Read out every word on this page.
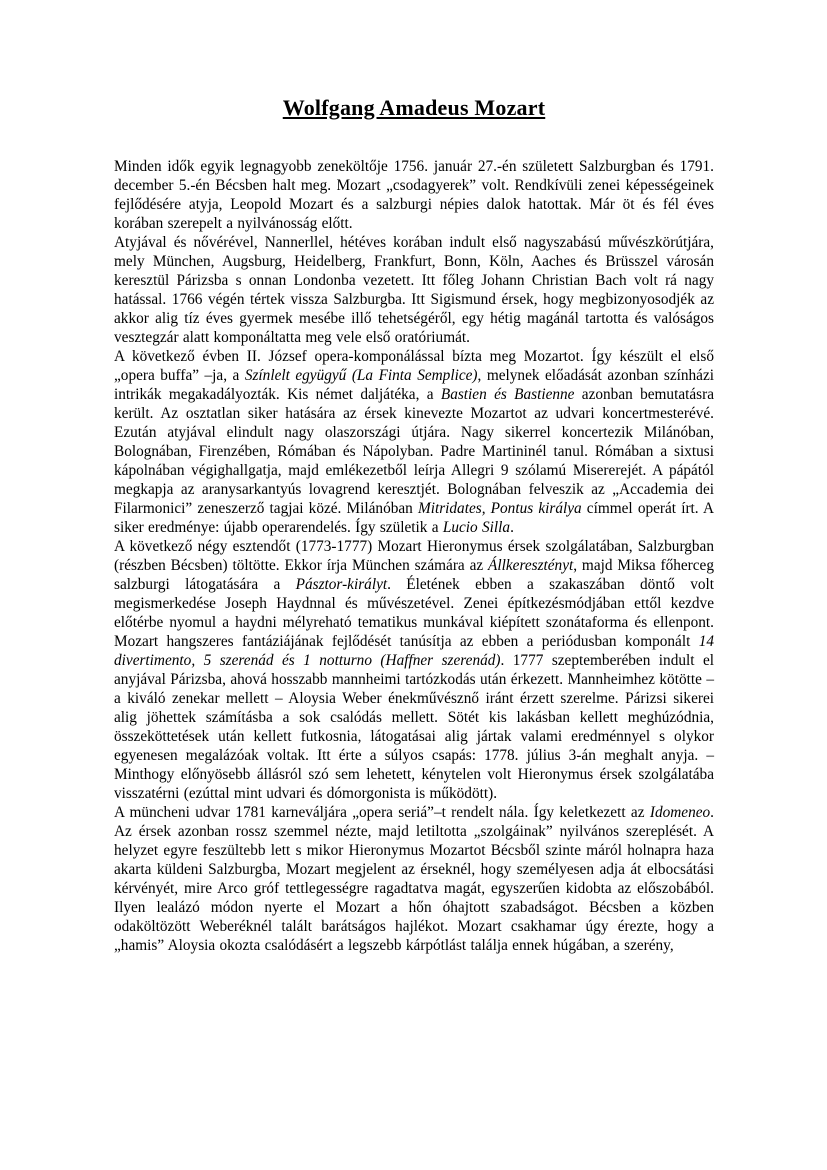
Wolfgang Amadeus Mozart

Minden idők egyik legnagyobb zeneköltője 1756. január 27.-én született Salzburgban és 1791. december 5.-én Bécsben halt meg. Mozart „csodagyerek” volt. Rendkívüli zenei képességeinek fejlődésére atyja, Leopold Mozart és a salzburgi népies dalok hatottak. Már öt és fél éves korában szerepelt a nyilvánosság előtt.

Atyjával és nővérével, Nannerllel, hétéves korában indult első nagyszabású művészkörútjára, mely München, Augsburg, Heidelberg, Frankfurt, Bonn, Köln, Aaches és Brüsszel városán keresztül Párizsba s onnan Londonba vezetett. Itt főleg Johann Christian Bach volt rá nagy hatással. 1766 végén tértek vissza Salzburgba. Itt Sigismund érsek, hogy megbizonyosodjék az akkor alig tíz éves gyermek mesébe illő tehetségéről, egy hétig magánál tartotta és valóságos vesztegzár alatt komponáltatta meg vele első oratóriumát.

A következő évben II. József opera-komponálással bízta meg Mozartot. Így készült el első „opera buffa” –ja, a Színlelt együgyű (La Finta Semplice), melynek előadását azonban színházi intrikák megakadályozták. Kis német daljátéka, a Bastien és Bastienne azonban bemutatásra került. Az osztatlan siker hatására az érsek kinevezte Mozartot az udvari koncertmesterévé. Ezután atyjával elindult nagy olaszországi útjára. Nagy sikerrel koncertezik Milánóban, Bolognában, Firenzében, Rómában és Nápolyban. Padre Martininél tanul. Rómában a sixtusi kápolnában végighallgatja, majd emlékezetből leírja Allegri 9 szólamú Misererejét. A pápától megkapja az aranysarkantyús lovagrend keresztjét. Bolognában felveszik az „Accademia dei Filarmonici” zeneszerző tagjai közé. Milánóban Mitridates, Pontus királya címmel operát írt. A siker eredménye: újabb operarendelés. Így születik a Lucio Silla.

A következő négy esztendőt (1773-1777) Mozart Hieronymus érsek szolgálatában, Salzburgban (részben Bécsben) töltötte. Ekkor írja München számára az Állkeresztényt, majd Miksa főherceg salzburgi látogatására a Pásztor-királyt. Életének ebben a szakaszában döntő volt megismerkedése Joseph Haydnnal és művészetével. Zenei építkezésmódjában ettől kezdve előtérbe nyomul a haydni mélyreható tematikus munkával kiépített szonátaforma és ellenpont. Mozart hangszeres fantáziájának fejlődését tanúsítja az ebben a periódusban komponált 14 divertimento, 5 szerenád és 1 notturno (Haffner szerenád). 1777 szeptemberében indult el anyjával Párizsba, ahová hosszabb mannheimi tartózkodás után érkezett. Mannheimhez kötötte – a kiváló zenekar mellett – Aloysia Weber énekművésznő iránt érzett szerelme. Párizsi sikerei alig jöhettek számításba a sok csalódás mellett. Sötét kis lakásban kellett meghúzódnia, összeköttetések után kellett futkosnia, látogatásai alig jártak valami eredménnyel s olykor egyenesen megalázóak voltak. Itt érte a súlyos csapás: 1778. július 3-án meghalt anyja. –Minthogy előnyösebb állásról szó sem lehetett, kénytelen volt Hieronymus érsek szolgálatába visszatérni (ezúttal mint udvari és dómorgonista is működött).

A müncheni udvar 1781 karneváljára „opera seriá”–t rendelt nála. Így keletkezett az Idomeneo. Az érsek azonban rossz szemmel nézte, majd letiltotta „szolgáinak” nyilvános szereplését. A helyzet egyre feszültebb lett s mikor Hieronymus Mozartot Bécsből szinte máról holnapra haza akarta küldeni Salzburgba, Mozart megjelent az érseknél, hogy személyesen adja át elbocsátási kérvényét, mire Arco gróf tettlegességre ragadtatva magát, egyszerűen kidobta az előszobából. Ilyen lealázó módon nyerte el Mozart a hőn óhajtott szabadságot. Bécsben a közben odaköltözött Weberéknél talált barátságos hajlékot. Mozart csakhamar úgy érezte, hogy a „hamis” Aloysia okozta csalódásért a legszebb kárpótlást találja ennek húgában, a szerény,
